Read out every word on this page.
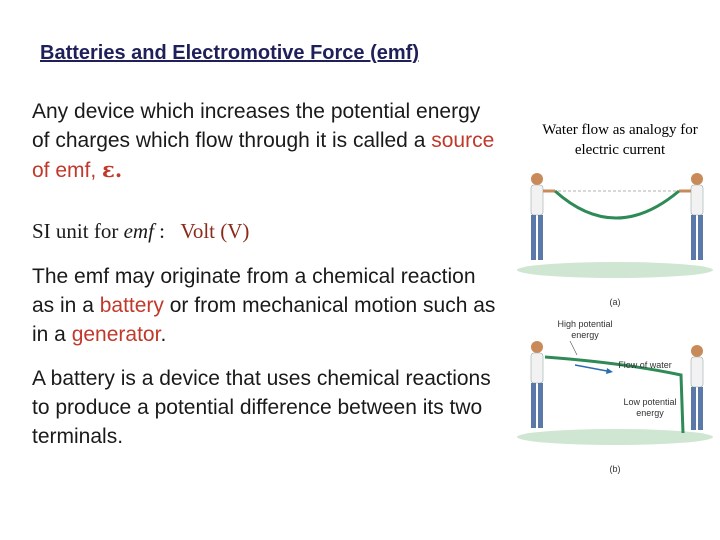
Batteries and Electromotive Force (emf)
Any device which increases the potential energy of charges which flow through it is called a source of emf, ε.
SI unit for emf : Volt (V)
The emf may originate from a chemical reaction as in a battery or from mechanical motion such as in a generator.
A battery is a device that uses chemical reactions to produce a potential difference between its two terminals.
Water flow as analogy for electric current
(a)
High potential
energy
Flow of water
Low potential
energy
(b)
